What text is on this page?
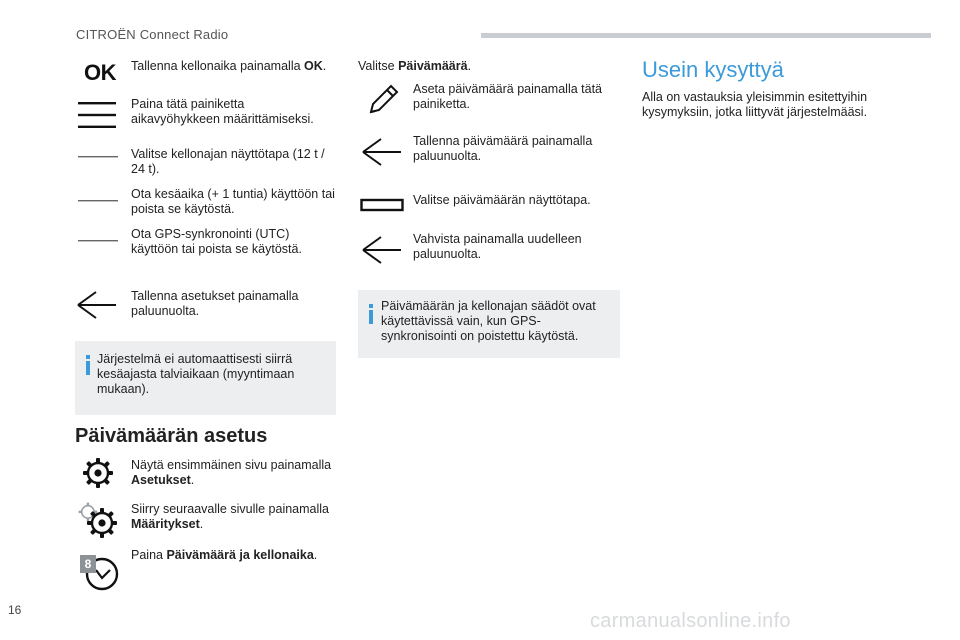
CITROËN Connect Radio
OK Tallenna kellonaika painamalla OK.
Paina tätä painiketta aikavyöhykkeen määrittämiseksi.
Valitse kellonajan näyttötapa (12 t / 24 t).
Ota kesäaika (+ 1 tuntia) käyttöön tai poista se käytöstä.
Ota GPS-synkronointi (UTC) käyttöön tai poista se käytöstä.
Tallenna asetukset painamalla paluunuolta.
Järjestelmä ei automaattisesti siirrä kesäajasta talviaikaan (myyntimaan mukaan).
Päivämäärän asetus
Näytä ensimmäinen sivu painamalla Asetukset.
Siirry seuraavalle sivulle painamalla Määritykset.
8
Paina Päivämäärä ja kellonaika.
Valitse Päivämäärä.
Aseta päivämäärä painamalla tätä painiketta.
Tallenna päivämäärä painamalla paluunuolta.
Valitse päivämäärän näyttötapa.
Vahvista painamalla uudelleen paluunuolta.
Päivämäärän ja kellonajan säädöt ovat käytettävissä vain, kun GPS-synkronisointi on poistettu käytöstä.
Usein kysyttyä
Alla on vastauksia yleisimmin esitettyihin kysymyksiin, jotka liittyvät järjestelmääsi.
16	carmanualsonline.info
